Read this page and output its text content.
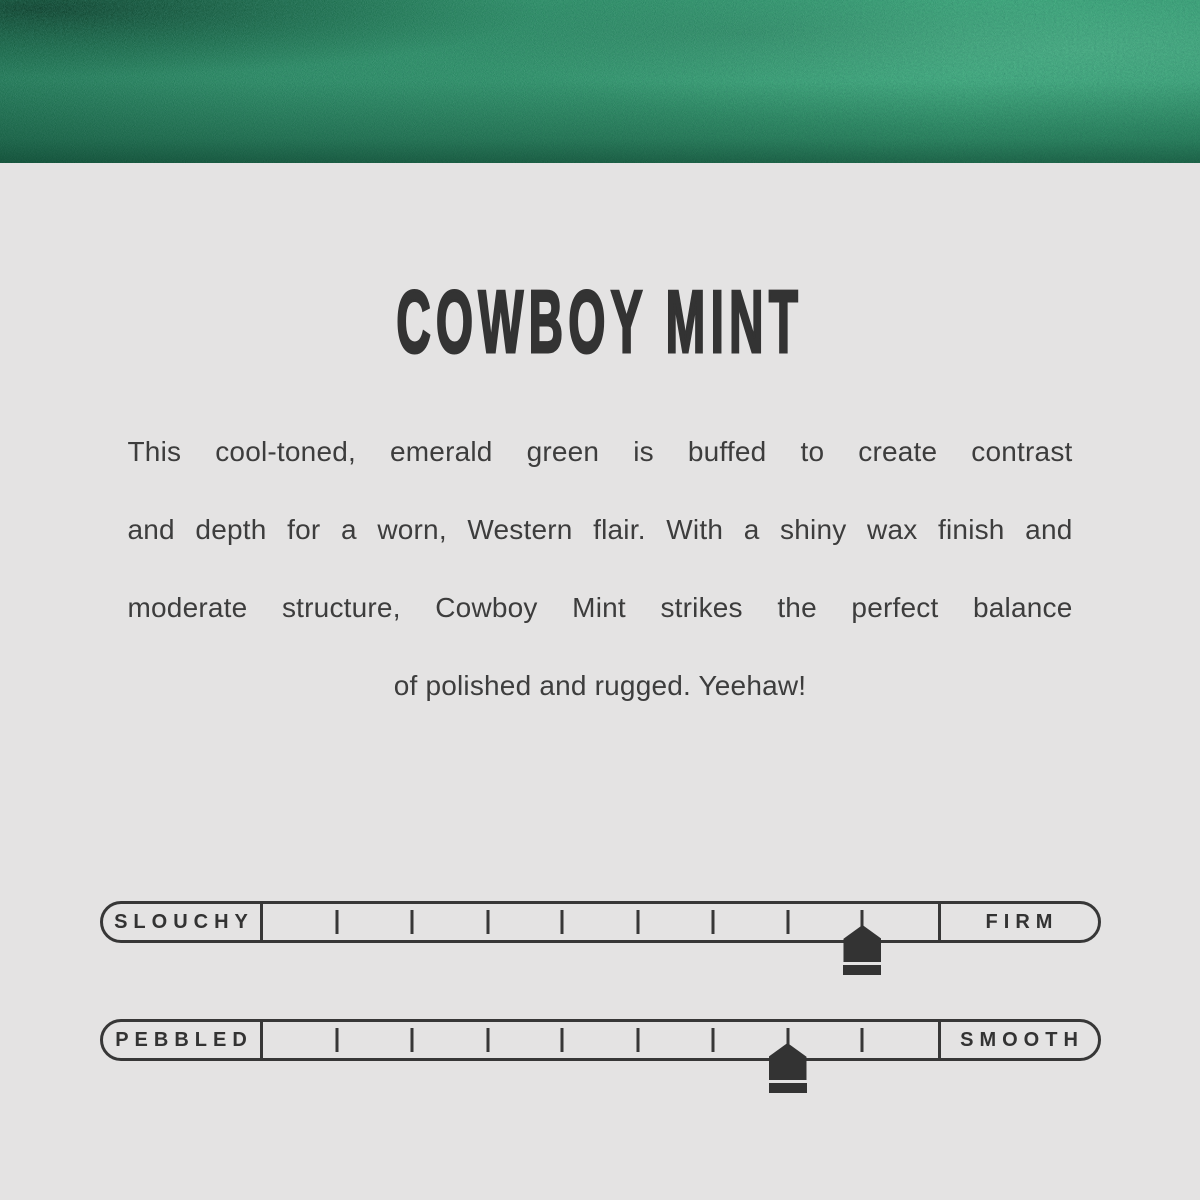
COWBOY MINT
This cool-toned, emerald green is buffed to create contrast
and depth for a worn, Western flair. With a shiny wax finish and
moderate structure, Cowboy Mint strikes the perfect balance
of polished and rugged. Yeehaw!
SLOUCHY	FIRM
PEBBLED	SMOOTH
